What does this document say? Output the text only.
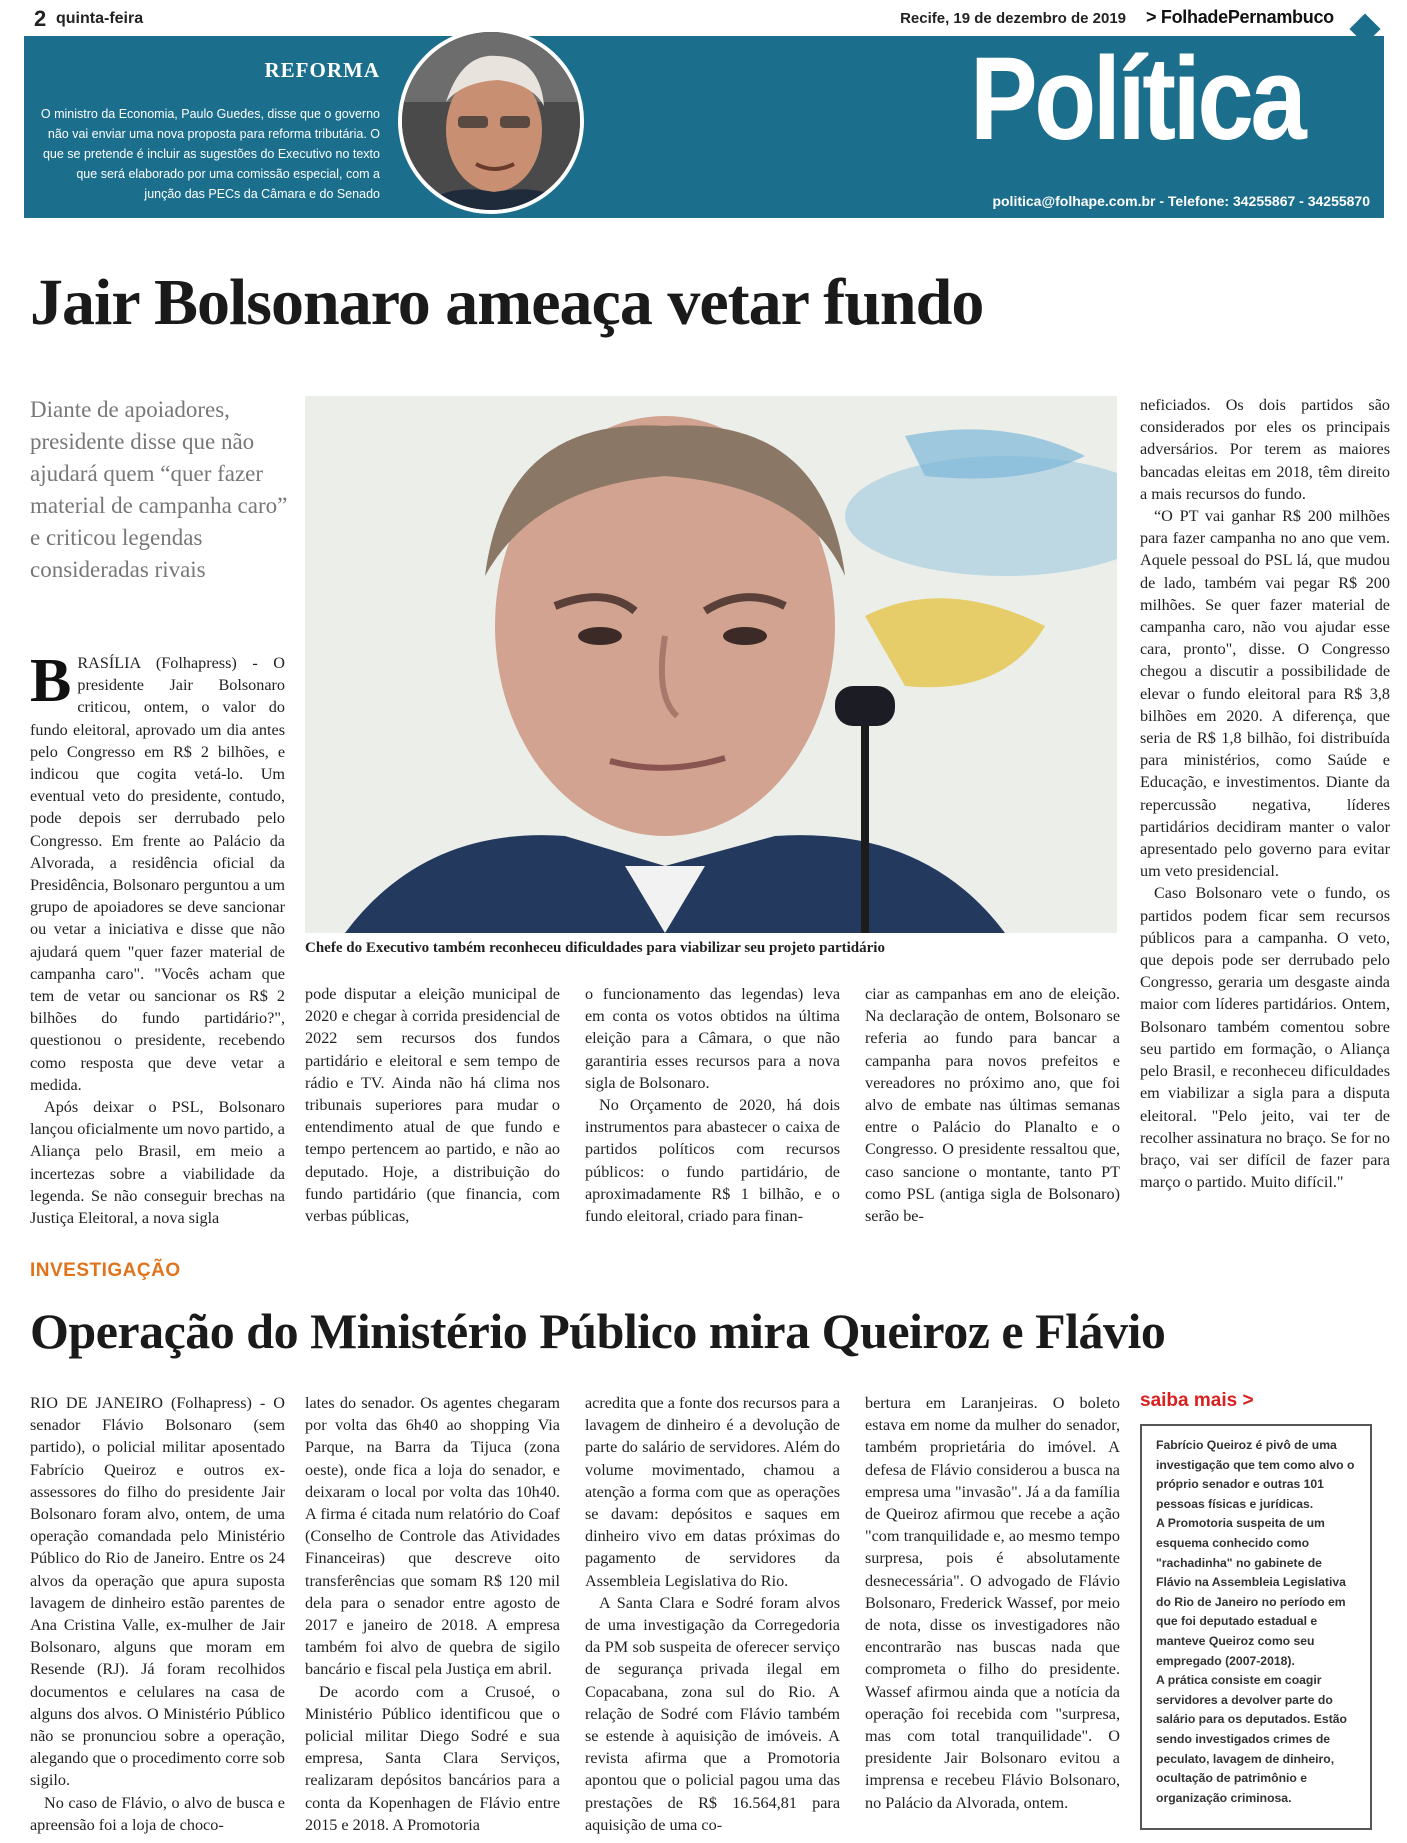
2 quinta-feira	Recife, 19 de dezembro de 2019 > FolhadePernambuco
REFORMA
O ministro da Economia, Paulo Guedes, disse que o governo não vai enviar uma nova proposta para reforma tributária. O que se pretende é incluir as sugestões do Executivo no texto que será elaborado por uma comissão especial, com a junção das PECs da Câmara e do Senado
Política
politica@folhape.com.br - Telefone: 34255867 - 34255870
Jair Bolsonaro ameaça vetar fundo
Diante de apoiadores, presidente disse que não ajudará quem “quer fazer material de campanha caro” e criticou legendas consideradas rivais
Chefe do Executivo também reconheceu dificuldades para viabilizar seu projeto partidário
B RASÍLIA (Folhapress) - O presidente Jair Bolsonaro criticou, ontem, o valor do fundo eleitoral, aprovado um dia antes pelo Congresso em R$ 2 bilhões, e indicou que cogita vetá-lo. Um eventual veto do presidente, contudo, pode depois ser derrubado pelo Congresso. Em frente ao Palácio da Alvorada, a residência oficial da Presidência, Bolsonaro perguntou a um grupo de apoiadores se deve sancionar ou vetar a iniciativa e disse que não ajudará quem "quer fazer material de campanha caro". "Vocês acham que tem de vetar ou sancionar os R$ 2 bilhões do fundo partidário?", questionou o presidente, recebendo como resposta que deve vetar a medida.

Após deixar o PSL, Bolsonaro lançou oficialmente um novo partido, a Aliança pelo Brasil, em meio a incertezas sobre a viabilidade da legenda. Se não conseguir brechas na Justiça Eleitoral, a nova sigla

pode disputar a eleição municipal de 2020 e chegar à corrida presidencial de 2022 sem recursos dos fundos partidário e eleitoral e sem tempo de rádio e TV. Ainda não há clima nos tribunais superiores para mudar o entendimento atual de que fundo e tempo pertencem ao partido, e não ao deputado. Hoje, a distribuição do fundo partidário (que financia, com verbas públicas,

o funcionamento das legendas) leva em conta os votos obtidos na última eleição para a Câmara, o que não garantiria esses recursos para a nova sigla de Bolsonaro.

No Orçamento de 2020, há dois instrumentos para abastecer o caixa de partidos políticos com recursos públicos: o fundo partidário, de aproximadamente R$ 1 bilhão, e o fundo eleitoral, criado para finan-

ciar as campanhas em ano de eleição. Na declaração de ontem, Bolsonaro se referia ao fundo para bancar a campanha para novos prefeitos e vereadores no próximo ano, que foi alvo de embate nas últimas semanas entre o Palácio do Planalto e o Congresso. O presidente ressaltou que, caso sancione o montante, tanto PT como PSL (antiga sigla de Bolsonaro) serão be-

neficiados. Os dois partidos são considerados por eles os principais adversários. Por terem as maiores bancadas eleitas em 2018, têm direito a mais recursos do fundo.

“O PT vai ganhar R$ 200 milhões para fazer campanha no ano que vem. Aquele pessoal do PSL lá, que mudou de lado, também vai pegar R$ 200 milhões. Se quer fazer material de campanha caro, não vou ajudar esse cara, pronto", disse. O Congresso chegou a discutir a possibilidade de elevar o fundo eleitoral para R$ 3,8 bilhões em 2020. A diferença, que seria de R$ 1,8 bilhão, foi distribuída para ministérios, como Saúde e Educação, e investimentos. Diante da repercussão negativa, líderes partidários decidiram manter o valor apresentado pelo governo para evitar um veto presidencial.

Caso Bolsonaro vete o fundo, os partidos podem ficar sem recursos públicos para a campanha. O veto, que depois pode ser derrubado pelo Congresso, geraria um desgaste ainda maior com líderes partidários. Ontem, Bolsonaro também comentou sobre seu partido em formação, o Aliança pelo Brasil, e reconheceu dificuldades em viabilizar a sigla para a disputa eleitoral. "Pelo jeito, vai ter de recolher assinatura no braço. Se for no braço, vai ser difícil de fazer para março o partido. Muito difícil."

INVESTIGAÇÃO
Operação do Ministério Público mira Queiroz e Flávio

RIO DE JANEIRO (Folhapress) - O senador Flávio Bolsonaro (sem partido), o policial militar aposentado Fabrício Queiroz e outros ex-assessores do filho do presidente Jair Bolsonaro foram alvo, ontem, de uma operação comandada pelo Ministério Público do Rio de Janeiro. Entre os 24 alvos da operação que apura suposta lavagem de dinheiro estão parentes de Ana Cristina Valle, ex-mulher de Jair Bolsonaro, alguns que moram em Resende (RJ). Já foram recolhidos documentos e celulares na casa de alguns dos alvos. O Ministério Público não se pronunciou sobre a operação, alegando que o procedimento corre sob sigilo.

No caso de Flávio, o alvo de busca e apreensão foi a loja de choco-

lates do senador. Os agentes chegaram por volta das 6h40 ao shopping Via Parque, na Barra da Tijuca (zona oeste), onde fica a loja do senador, e deixaram o local por volta das 10h40. A firma é citada num relatório do Coaf (Conselho de Controle das Atividades Financeiras) que descreve oito transferências que somam R$ 120 mil dela para o senador entre agosto de 2017 e janeiro de 2018. A empresa também foi alvo de quebra de sigilo bancário e fiscal pela Justiça em abril.

De acordo com a Crusoé, o Ministério Público identificou que o policial militar Diego Sodré e sua empresa, Santa Clara Serviços, realizaram depósitos bancários para a conta da Kopenhagen de Flávio entre 2015 e 2018. A Promotoria

acredita que a fonte dos recursos para a lavagem de dinheiro é a devolução de parte do salário de servidores. Além do volume movimentado, chamou a atenção a forma com que as operações se davam: depósitos e saques em dinheiro vivo em datas próximas do pagamento de servidores da Assembleia Legislativa do Rio.

A Santa Clara e Sodré foram alvos de uma investigação da Corregedoria da PM sob suspeita de oferecer serviço de segurança privada ilegal em Copacabana, zona sul do Rio. A relação de Sodré com Flávio também se estende à aquisição de imóveis. A revista afirma que a Promotoria apontou que o policial pagou uma das prestações de R$ 16.564,81 para aquisição de uma co-

bertura em Laranjeiras. O boleto estava em nome da mulher do senador, também proprietária do imóvel. A defesa de Flávio considerou a busca na empresa uma "invasão". Já a da família de Queiroz afirmou que recebe a ação "com tranquilidade e, ao mesmo tempo surpresa, pois é absolutamente desnecessária". O advogado de Flávio Bolsonaro, Frederick Wassef, por meio de nota, disse os investigadores não encontrarão nas buscas nada que comprometa o filho do presidente. Wassef afirmou ainda que a notícia da operação foi recebida com "surpresa, mas com total tranquilidade". O presidente Jair Bolsonaro evitou a imprensa e recebeu Flávio Bolsonaro, no Palácio da Alvorada, ontem.

saiba mais >

Fabrício Queiroz é pivô de uma investigação que tem como alvo o próprio senador e outras 101 pessoas físicas e jurídicas.

A Promotoria suspeita de um esquema conhecido como "rachadinha" no gabinete de Flávio na Assembleia Legislativa do Rio de Janeiro no período em que foi deputado estadual e manteve Queiroz como seu empregado (2007-2018).

A prática consiste em coagir servidores a devolver parte do salário para os deputados. Estão sendo investigados crimes de peculato, lavagem de dinheiro, ocultação de patrimônio e organização criminosa.
